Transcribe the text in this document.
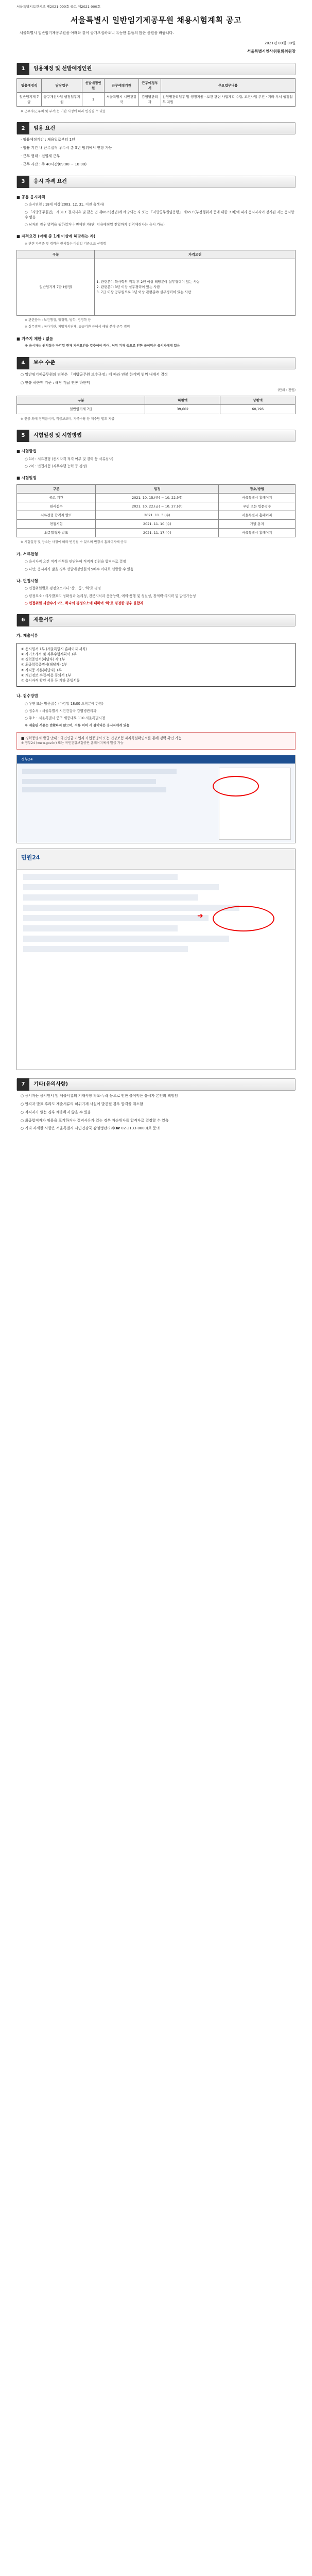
서울특별시보건시보 제2021-000호 공고 제2021-000호
서울특별시 일반임기제공무원 채용시험계획 공고
서울특별시 일반임기제공무원을 아래와 같이 공개모집하오니 유능한 분들의 많은 응원을 바랍니다.
2021년 00월 00일
서울특별시인사위원회위원장
1	임용예정 및 선발예정인원
임용예정직	담당업무	선발예정인원	근무예정기관	근무예정부서	주요업무내용
일반임기제 7급	공구개선사업 행정업무지원	1	서울특별시 시민건강국	감염병관리과	감염병관리업무 및 행정지원 · 보건 관련 사업계획 수립, 보건사업 추진 · 기타 부서 행정업무 지원
※ 근무지(근무처 및 부서)는 기관 사정에 따라 변경될 수 있음
2	임용 요건
· 임용예정기간 : 채용일로부터 1년
· 임용 기간 내 근무실적 우수시 총 5년 범위에서 연장 가능
· 근무 형태 : 전일제 근무
· 근무 시간 : 주 40시간(09:00 ~ 18:00)
3	응시 자격 요건
■ 공통 응시자격
○ 응시연령 : 18세 이상(2003. 12. 31. 이전 출생자)
○ 「지방공무원법」 제31조 결격사유 및 같은 법 제66조(정년)에 해당되는 자 또는 「지방공무원임용령」 제65조(부정행위자 등에 대한 조치)에 따라 응시자격이 정지된 자는 응시할 수 없음
○ 남자의 경우 병역을 필하였거나 면제된 자(단, 임용예정일 전일까지 전역예정자는 응시 가능)
■ 자격요건 (아래 중 1개 이상에 해당하는 자)
※ 관련 자격증 및 경력은 원서접수 마감일 기준으로 산정함
구분	자격요건
일반임기제 7급 (행정)	1. 관련분야 학사학위 취득 후 2년 이상 해당분야 실무경력이 있는 사람
2. 관련분야 3년 이상 실무경력이 있는 사람
3. 7급 이상 공무원으로 1년 이상 관련분야 실무경력이 있는 사람
※ 관련분야 : 보건행정, 행정학, 법학, 경영학 등
※ 실무경력 : 국가기관, 지방자치단체, 공공기관 등에서 해당 분야 근무 경력
■ 거주지 제한 : 없음
※ 응시자는 원서접수 마감일 현재 자격요건을 갖추어야 하며, 허위 기재 등으로 인한 불이익은 응시자에게 있음
4	보수 수준
○ 일반임기제공무원의 연봉은 「지방공무원 보수규정」에 따라 연봉 한계액 범위 내에서 결정
○ 연봉 하한액 기준 : 해당 직급 연봉 하한액
(단위 : 천원)
구분	하한액	상한액
일반임기제 7급	39,602	60,196
※ 연봉 외에 정액급식비, 직급보조비, 가족수당 등 제수당 별도 지급
5	시험일정 및 시험방법
■ 시험방법
○ 1차 : 서류전형 (응시자격 적격 여부 및 경력 등 서류심사)
○ 2차 : 면접시험 (직무수행 능력 등 평정)
■ 시험일정
구분	일정	장소/방법
공고 기간	2021. 10. 15.(금) ~ 10. 22.(금)	서울특별시 홈페이지
원서접수	2021. 10. 22.(금) ~ 10. 27.(수)	우편 또는 방문접수
서류전형 합격자 발표	2021. 11. 3.(수)	서울특별시 홈페이지
면접시험	2021. 11. 10.(수)	개별 통지
최종합격자 발표	2021. 11. 17.(수)	서울특별시 홈페이지
※ 시험일정 및 장소는 사정에 따라 변경될 수 있으며 변경시 홈페이지에 공지
가. 서류전형
○ 응시자격 요건 적격 여부를 판단하여 적격자 전원을 합격자로 결정
○ 다만, 응시자가 많을 경우 선발예정인원의 5배수 이내로 선발할 수 있음
나. 면접시험
○ 면접위원별로 평정요소마다 '상', '중', '하'로 평정
○ 평정요소 : 의사발표의 정확성과 논리성, 전문지식과 응용능력, 예의·품행 및 성실성, 창의력·의지력 및 발전가능성
○ 면접위원 과반수가 어느 하나의 평정요소에 대하여 '하'로 평정한 경우 불합격
6	제출서류
가. 제출서류
① 응시원서 1부 (서울특별시 홈페이지 서식)
② 자기소개서 및 직무수행계획서 1부
③ 경력증명서(해당자) 각 1부
④ 최종학력증명서(해당자) 1부
⑤ 자격증 사본(해당자) 1부
⑥ 개인정보 수집·이용 동의서 1부
⑦ 응시자격 확인 서류 등 기타 증빙서류
나. 접수방법
○ 우편 또는 방문접수 (마감일 18:00 도착분에 한함)
○ 접수처 : 서울특별시 시민건강국 감염병관리과
○ 주소 : 서울특별시 중구 세종대로 110 서울특별시청
※ 제출된 서류는 반환하지 않으며, 서류 미비 시 불이익은 응시자에게 있음
■ 경력증명서 발급 안내 : 국민연금 가입자 가입증명서 또는 건강보험 자격득실확인서를 통해 경력 확인 가능
※ 정부24 (www.gov.kr) 또는 국민건강보험공단 홈페이지에서 발급 가능
정부24
민원24
➜
7	기타(유의사항)
○ 응시자는 응시원서 및 제출서류의 기재사항 착오·누락 등으로 인한 불이익은 응시자 본인의 책임임
○ 합격자 발표 후라도 제출서류의 허위기재 사실이 발견될 경우 합격을 취소함
○ 적격자가 없는 경우 채용하지 않을 수 있음
○ 최종합격자가 임용을 포기하거나 결격사유가 있는 경우 차순위자를 합격자로 결정할 수 있음
○ 기타 자세한 사항은 서울특별시 시민건강국 감염병관리과(☎ 02-2133-0000)로 문의
